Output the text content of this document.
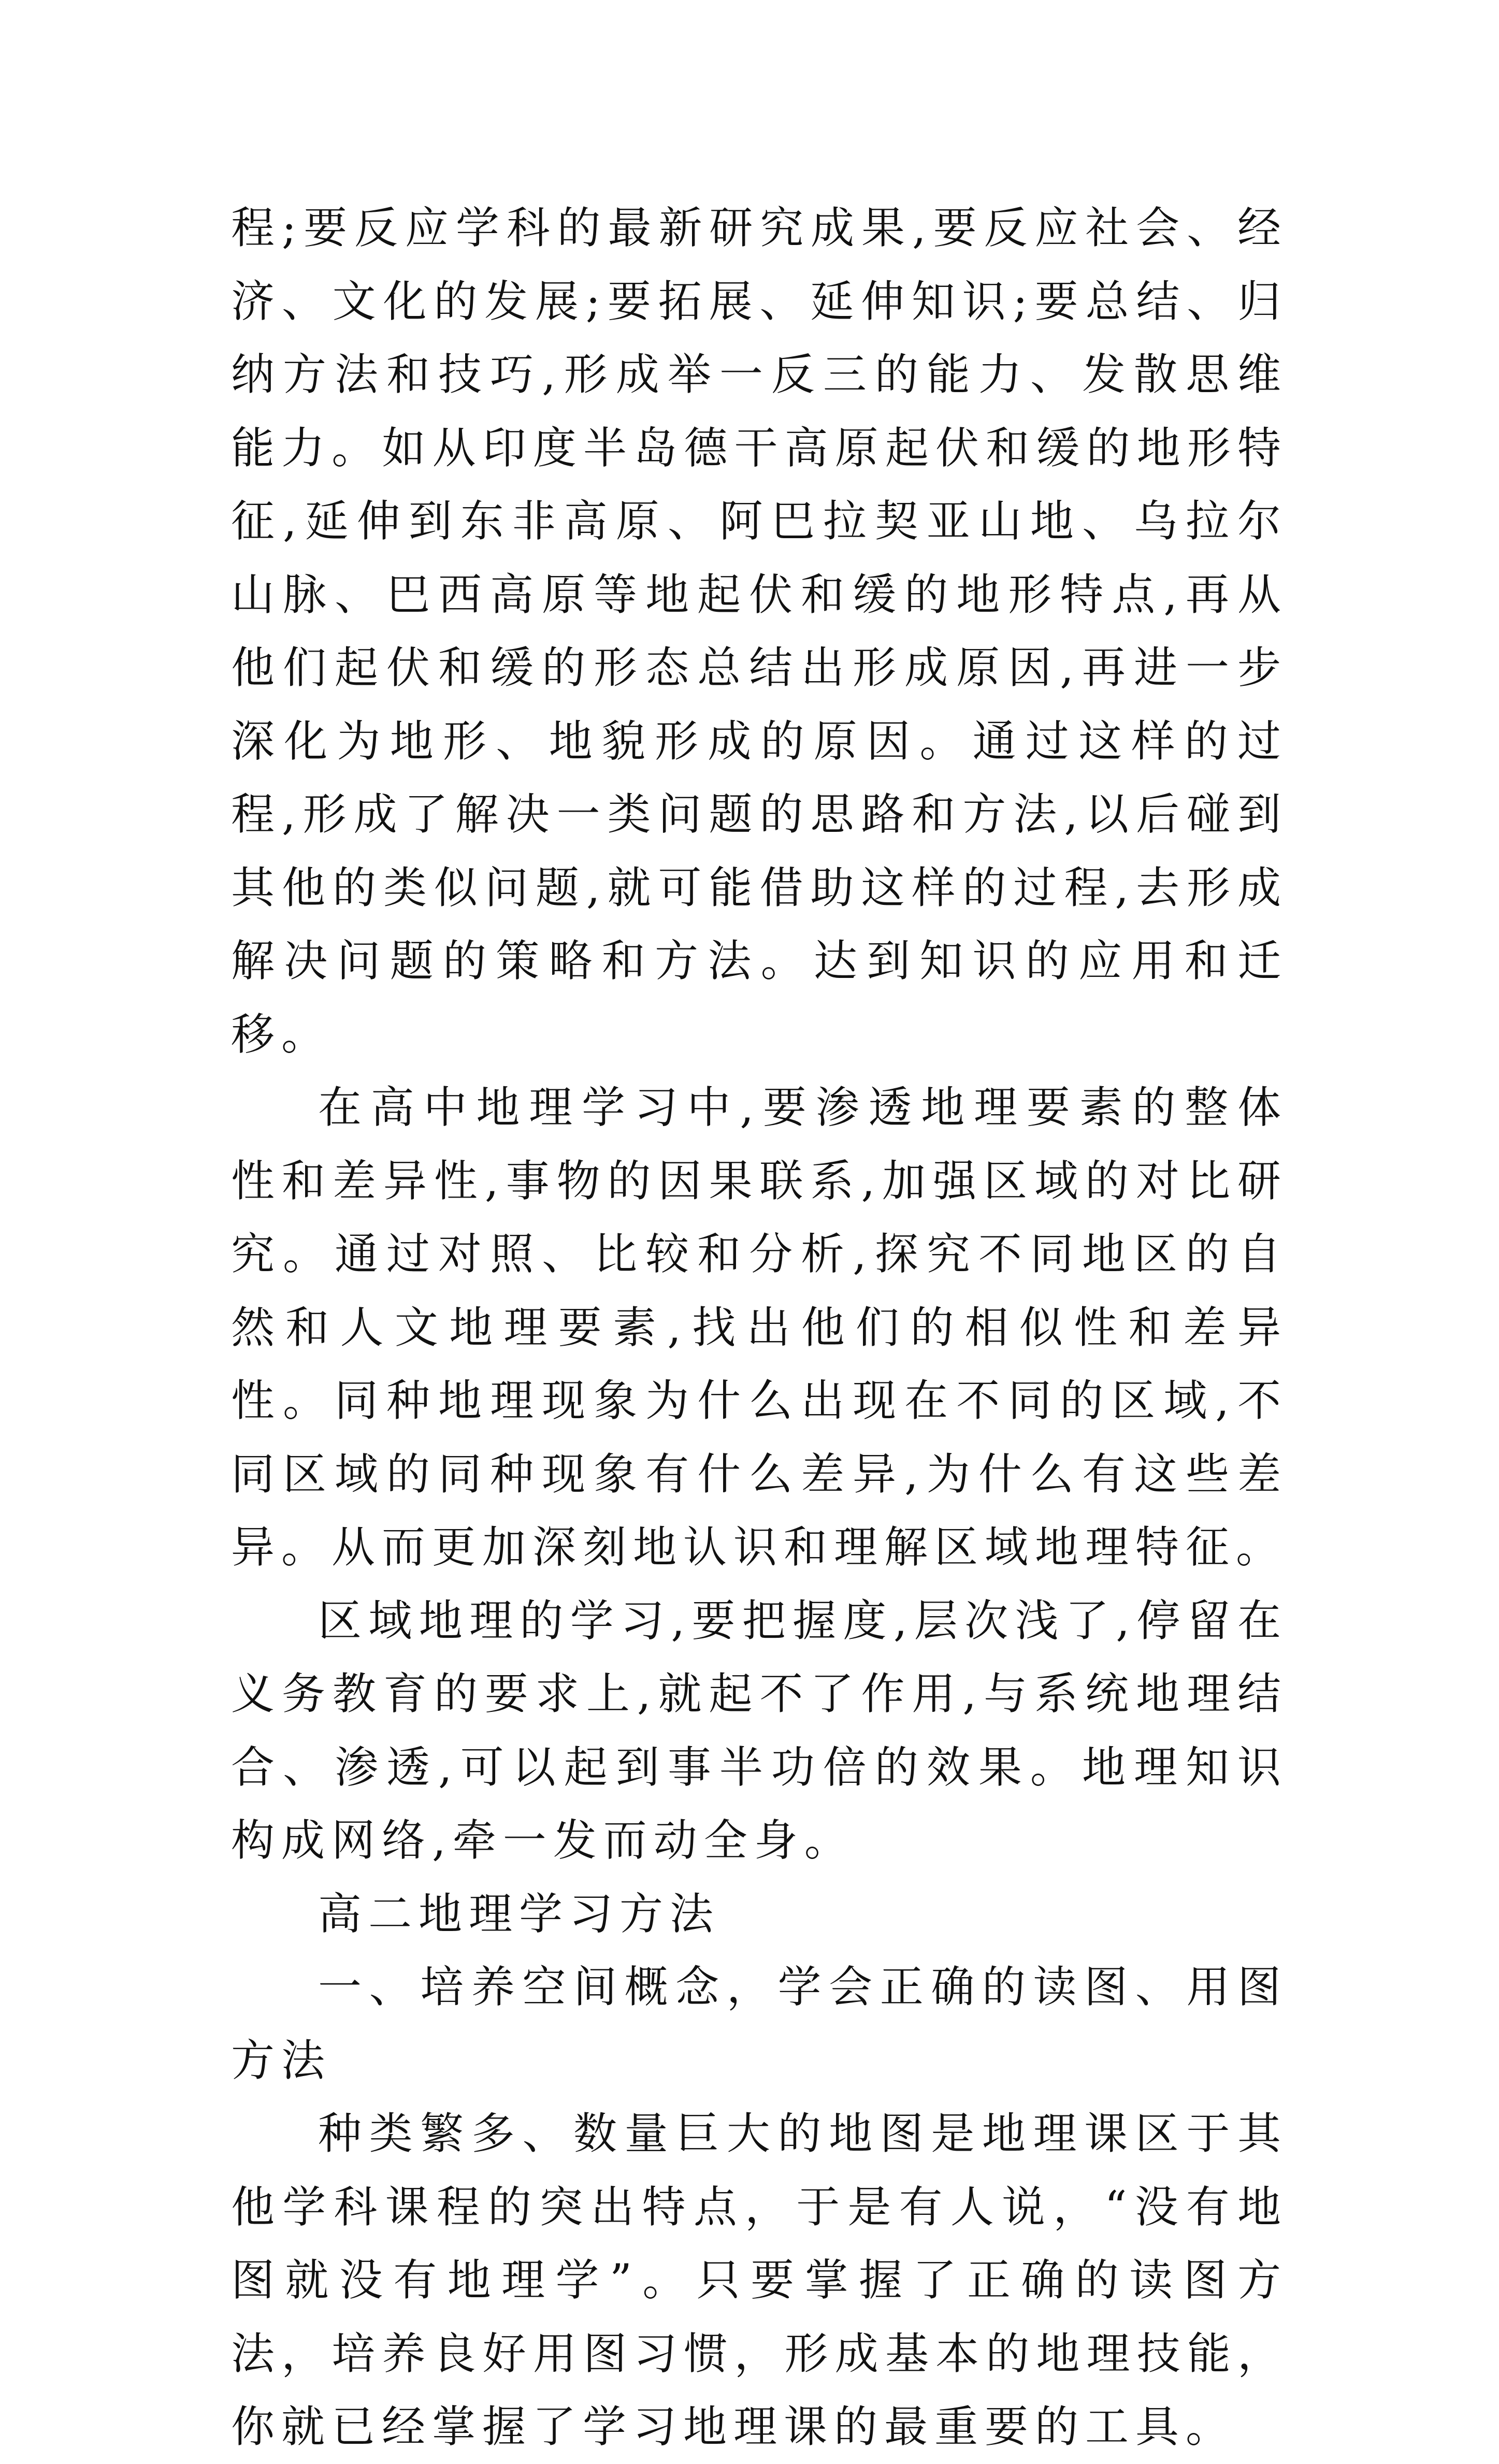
程;要反应学科的最新研究成果,要反应社会、经济、文化的发展;要拓展、延伸知识;要总结、归纳方法和技巧,形成举一反三的能力、发散思维能力。如从印度半岛德干高原起伏和缓的地形特征,延伸到东非高原、阿巴拉契亚山地、乌拉尔山脉、巴西高原等地起伏和缓的地形特点,再从他们起伏和缓的形态总结出形成原因,再进一步深化为地形、地貌形成的原因。通过这样的过程,形成了解决一类问题的思路和方法,以后碰到其他的类似问题,就可能借助这样的过程,去形成解决问题的策略和方法。达到知识的应用和迁移。

在高中地理学习中,要渗透地理要素的整体性和差异性,事物的因果联系,加强区域的对比研究。通过对照、比较和分析,探究不同地区的自然和人文地理要素,找出他们的相似性和差异性。同种地理现象为什么出现在不同的区域,不同区域的同种现象有什么差异,为什么有这些差异。从而更加深刻地认识和理解区域地理特征。

区域地理的学习,要把握度,层次浅了,停留在义务教育的要求上,就起不了作用,与系统地理结合、渗透,可以起到事半功倍的效果。地理知识构成网络,牵一发而动全身。

高二地理学习方法

一、培养空间概念，学会正确的读图、用图方法

种类繁多、数量巨大的地图是地理课区于其他学科课程的突出特点，于是有人说，“没有地图就没有地理学”。只要掌握了正确的读图方法，培养良好用图习惯，形成基本的地理技能，你就已经掌握了学习地理课的最重要的工具。
